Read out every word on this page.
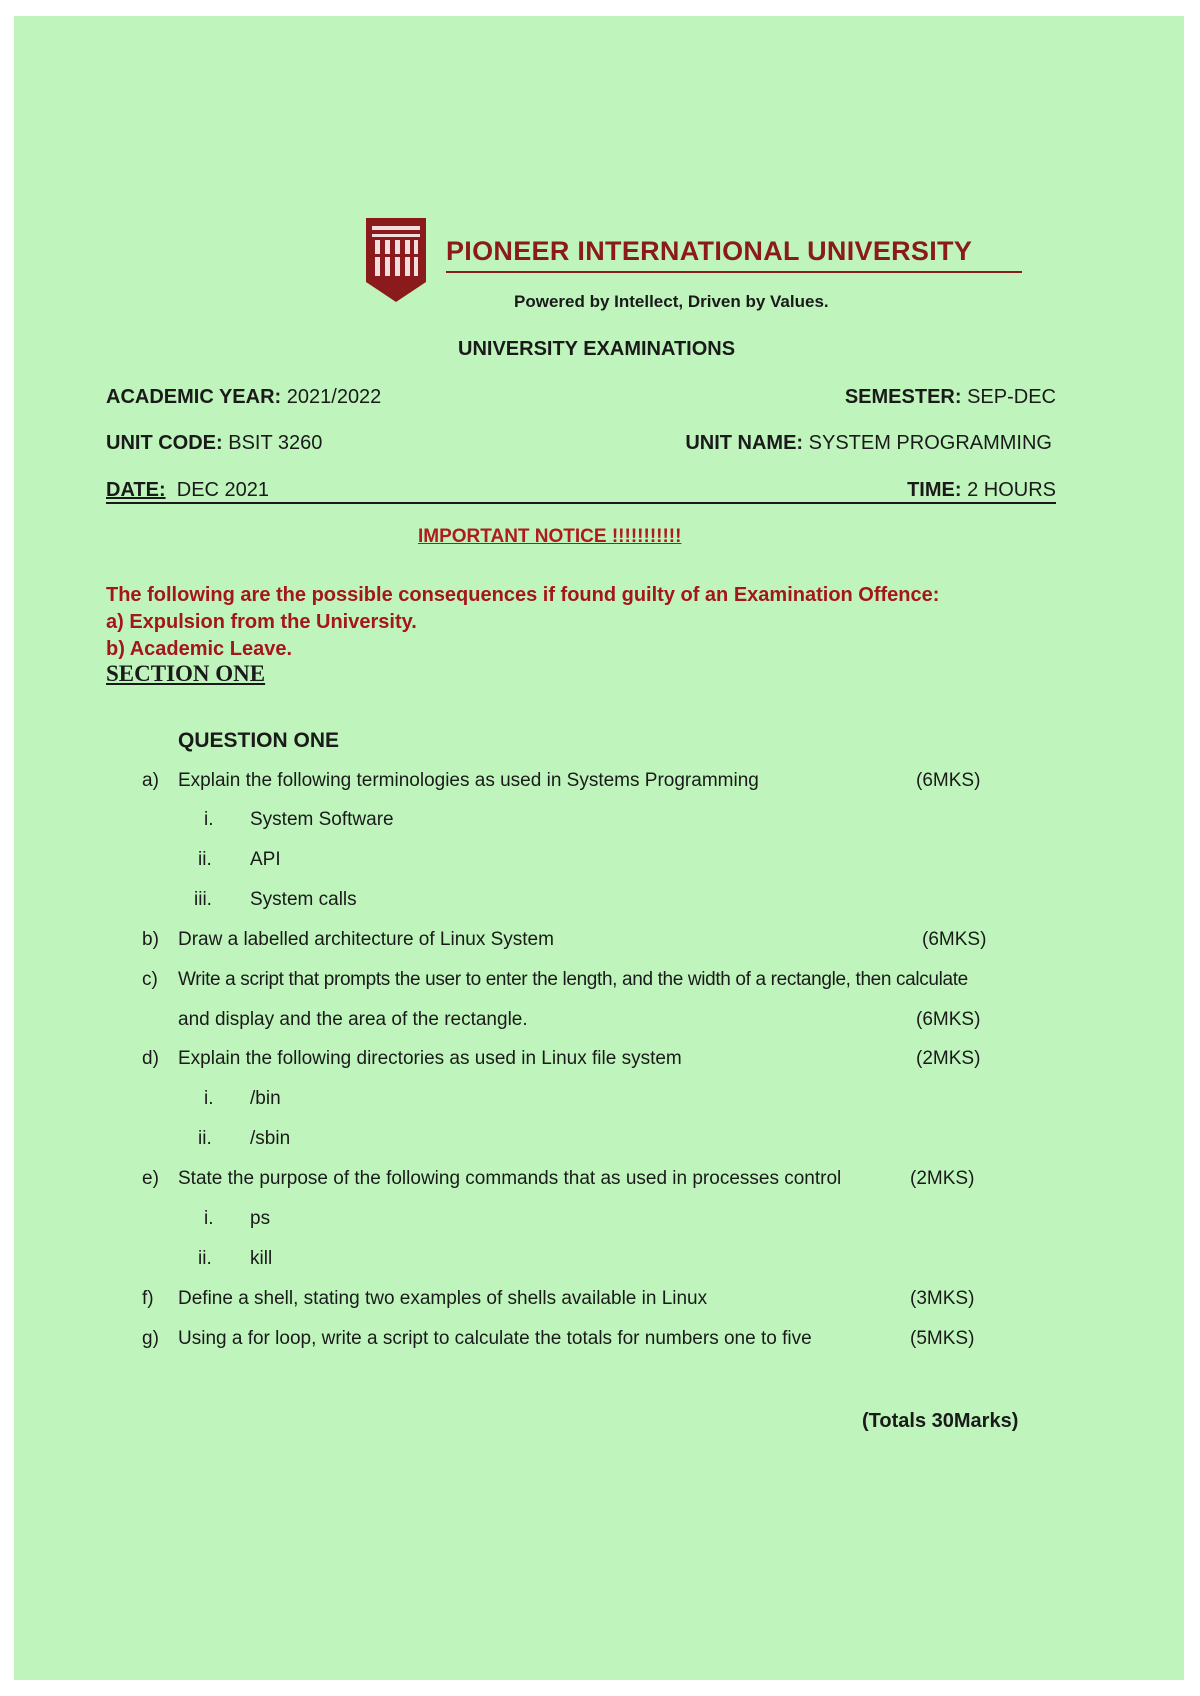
PIONEER INTERNATIONAL UNIVERSITY
Powered by Intellect, Driven by Values.
UNIVERSITY EXAMINATIONS
ACADEMIC YEAR: 2021/2022	SEMESTER: SEP-DEC
UNIT CODE: BSIT 3260	UNIT NAME: SYSTEM PROGRAMMING
DATE: DEC 2021	TIME: 2 HOURS
IMPORTANT NOTICE !!!!!!!!!!!
The following are the possible consequences if found guilty of an Examination Offence:
a) Expulsion from the University.
b) Academic Leave.
SECTION ONE
QUESTION ONE
a) Explain the following terminologies as used in Systems Programming	(6MKS)
i. System Software
ii. API
iii. System calls
b) Draw a labelled architecture of Linux System	(6MKS)
c) Write a script that prompts the user to enter the length, and the width of a rectangle, then calculate
and display and the area of the rectangle.	(6MKS)
d) Explain the following directories as used in Linux file system	(2MKS)
i. /bin
ii. /sbin
e) State the purpose of the following commands that as used in processes control	(2MKS)
i. ps
ii. kill
f) Define a shell, stating two examples of shells available in Linux	(3MKS)
g) Using a for loop, write a script to calculate the totals for numbers one to five	(5MKS)
(Totals 30Marks)
